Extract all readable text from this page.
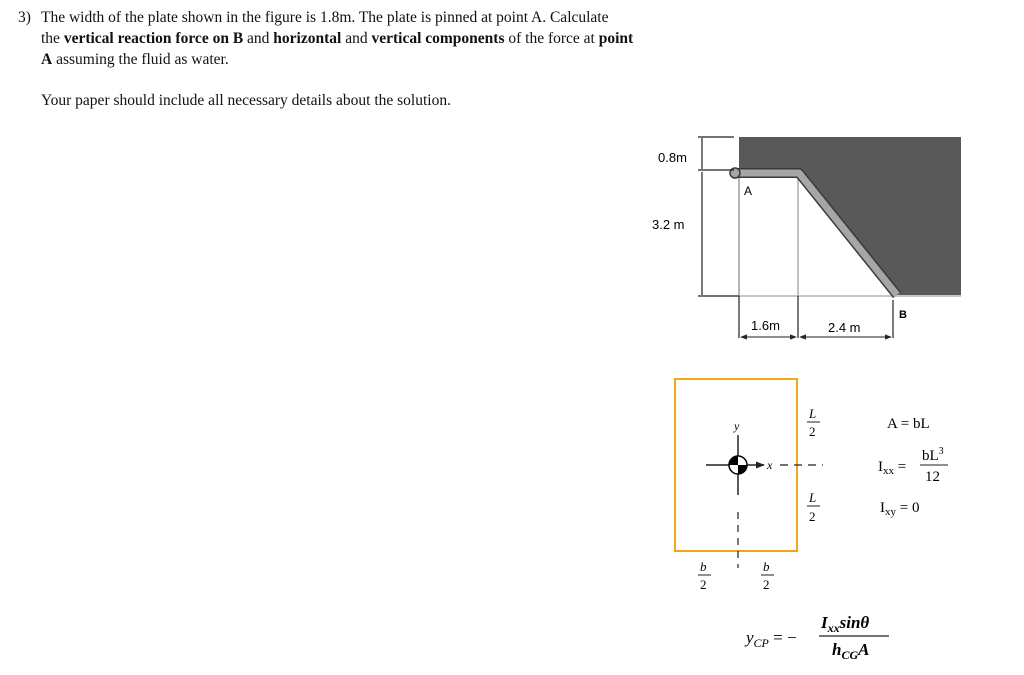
3) The width of the plate shown in the figure is 1.8m. The plate is pinned at point A. Calculate
the vertical reaction force on B and horizontal and vertical components of the force at point
A assuming the fluid as water.
Your paper should include all necessary details about the solution.
0.8m
3.2 m
A
B
1.6m	2.4 m
y
x
L
2
L
2
b
2
b
2
A = bL
$I_{xx}$ =
$bL^3$
12
$I_{xy} = 0$
$y_{CP}$ = −
$I_{xx}\sin\theta$
$h_{CG}A$
